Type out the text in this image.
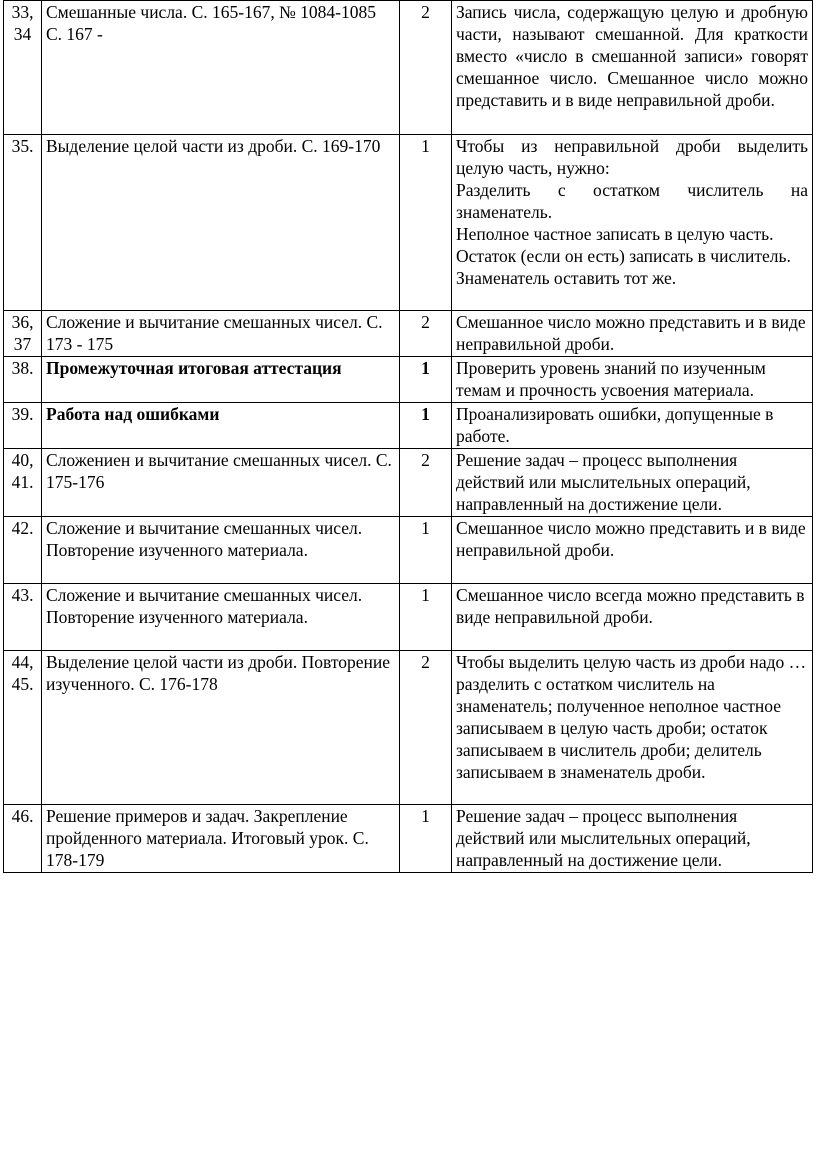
33, 34	Смешанные числа. С. 165-167, № 1084-1085 С. 167 -	2	Запись числа, содержащую целую и дробную части, называют смешанной. Для краткости вместо «число в смешанной записи» говорят смешанное число. Смешанное число можно представить и в виде неправильной дроби.
35.	Выделение целой части из дроби. С. 169-170	1	Чтобы из неправильной дроби выделить целую часть, нужно:
Разделить с остатком числитель на знаменатель.
Неполное частное записать в целую часть.
Остаток (если он есть) записать в числитель.
Знаменатель оставить тот же.

36, 37	Сложение и вычитание смешанных чисел. С. 173 - 175	2	Смешанное число можно представить и в виде неправильной дроби.
38.	Промежуточная итоговая аттестация	1	Проверить уровень знаний по изученным темам и прочность усвоения материала.
39.	Работа над ошибками	1	Проанализировать ошибки, допущенные в работе.
40, 41.	Сложениен и вычитание смешанных чисел. С. 175-176	2	Решение задач – процесс выполнения действий или мыслительных операций, направленный на достижение цели.
42.	Сложение и вычитание смешанных чисел. Повторение изученного материала.	1	Смешанное число можно представить и в виде неправильной дроби.
43.	Сложение и вычитание смешанных чисел. Повторение изученного материала.	1	Смешанное число всегда можно представить в виде неправильной дроби.
44, 45.	Выделение целой части из дроби. Повторение изученного. С. 176-178	2	Чтобы выделить целую часть из дроби надо … разделить с остатком числитель на знаменатель; полученное неполное частное записываем в целую часть дроби; остаток записываем в числитель дроби; делитель записываем в знаменатель дроби.
46.	Решение примеров и задач. Закрепление пройденного материала. Итоговый урок. С. 178-179	1	Решение задач – процесс выполнения действий или мыслительных операций, направленный на достижение цели.
